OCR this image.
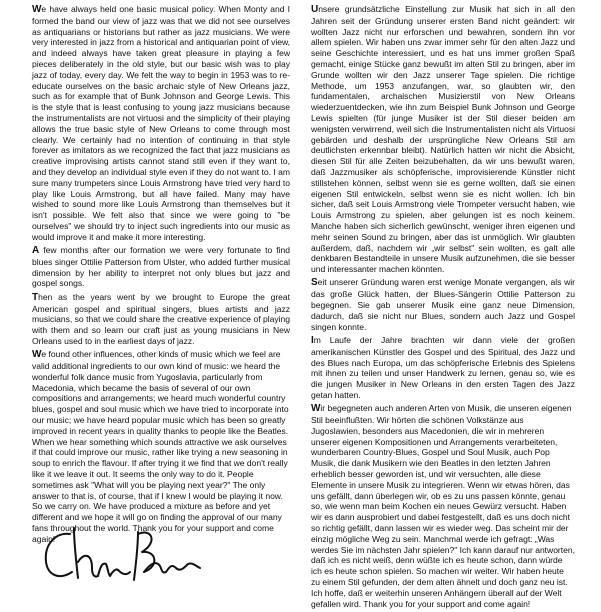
We have always held one basic musical policy. When Monty and I formed the band our view of jazz was that we did not see ourselves as antiquarians or historians but rather as jazz musicians. We were very interested in jazz from a historical and antiquarian point of view, and indeed always have taken great pleasure in playing a few pieces deliberately in the old style, but our basic wish was to play jazz of today, every day. We felt the way to begin in 1953 was to re-educate ourselves on the basic archaic style of New Orleans jazz, such as for example that of Bunk Johnson and George Lewis. This is the style that is least confusing to young jazz musicians because the instrumentalists are not virtuosi and the simplicity of their playing allows the true basic style of New Orleans to come through most clearly. We certainly had no intention of continuing in that style forever as imitators as we recognized the fact that jazz musicians as creative improvising artists cannot stand still even if they want to, and they develop an individual style even if they do not want to. I am sure many trumpeters since Louis Armstrong have tried very hard to play like Louis Armstrong, but all have failed. Many may have wished to sound more like Louis Armstrong than themselves but it isn't possible. We felt also that since we were going to "be ourselves" we should try to inject such ingredients into our music as would improve it and make it more interesting.

A few months after our formation we were very fortunate to find blues singer Ottilie Patterson from Ulster, who added further musical dimension by her ability to interpret not only blues but jazz and gospel songs.

Then as the years went by we brought to Europe the great American gospel and spiritual singers, blues artists and jazz musicians, so that we could share the creative experience of playing with them and so learn our craft just as young musicians in New Orleans used to in the earliest days of jazz.

We found other influences, other kinds of music which we feel are valid additional ingredients to our own kind of music: we heard the wonderful folk dance music from Yugoslavia, particularly from Macedonia, which became the basis of several of our own compositions and arrangements; we heard much wonderful country blues, gospel and soul music which we have tried to incorporate into our music; we have heard popular music which has been so greatly improved in recent years in quality thanks to people like the Beatles. When we hear something which sounds attractive we ask ourselves if that could improve our music, rather like trying a new seasoning in soup to enrich the flavour. If after trying it we find that we don't really like it we leave it out. It seems the only way to do it. People sometimes ask "What will you be playing next year?" The only answer to that is, of course, that if I knew I would be playing it now. So we carry on. We have produced a mixture as before and yet different and we hope it will go on finding the approval of our many fans throughout the world. Thank you for your support and come again!

Unsere grundsätzliche Einstellung zur Musik hat sich in all den Jahren seit der Gründung unserer ersten Band nicht geändert: wir wollten Jazz nicht nur erforschen und bewahren, sondern ihn vor allem spielen. Wir haben uns zwar immer sehr für den alten Jazz und seine Geschichte interessiert, und es hat uns immer großen Spaß gemacht, einige Stücke ganz bewußt im alten Stil zu bringen, aber im Grunde wollten wir den Jazz unserer Tage spielen. Die richtige Methode, um 1953 anzufangen, war, so glaubten wir, den fundamentalen, archaischen Musizierstil von New Orleans wiederzuentdecken, wie ihn zum Beispiel Bunk Johnson und George Lewis spielten (für junge Musiker ist der Stil dieser beiden am wenigsten verwirrend, weil sich die Instrumentalisten nicht als Virtuosi gebärden und deshalb der ursprüngliche New Orleans Stil am deutlichsten erkennbar bleibt). Natürlich hatten wir nicht die Absicht, diesen Stil für alle Zeiten beizubehalten, da wir uns bewußt waren, daß Jazzmusiker als schöpferische, improvisierende Künstler nicht stillstehen können, selbst wenn sie es gerne wollten, daß sie einen eigenen Stil entwickeln, selbst wenn sie es nicht wollen. Ich bin sicher, daß seit Louis Armstrong viele Trompeter versucht haben, wie Louis Armstrong zu spielen, aber gelungen ist es noch keinem. Manche haben sich sicherlich gewünscht, weniger ihren eigenen und mehr seinen Sound zu bringen, aber das ist unmöglich. Wir glaubten außerdem, daß, nachdem wir „wir selbst" sein wollten, es galt alle denkbaren Bestandteile in unsere Musik aufzunehmen, die sie besser und interessanter machen könnten.

Seit unserer Gründung waren erst wenige Monate vergangen, als wir das große Glück hatten, der Blues-Sängerin Ottilie Patterson zu begegnen. Sie gab unserer Musik eine ganz neue Dimension, dadurch, daß sie nicht nur Blues, sondern auch Jazz und Gospel singen konnte.

Im Laufe der Jahre brachten wir dann viele der großen amerikanischen Künstler des Gospel und des Spiritual, des Jazz und des Blues nach Europa, um das schöpferische Erlebnis des Spielens mit ihnen zu teilen und unser Handwerk zu lernen, genau so, wie es die jungen Musiker in New Orleans in den ersten Tagen des Jazz getan hatten.

Wir begegneten auch anderen Arten von Musik, die unseren eigenen Stil beeinflußten. Wir hörten die schönen Volkstänze aus Jugoslawien, besonders aus Macedonien, die wir in mehreren unserer eigenen Kompositionen und Arrangements verarbeiteten, wunderbaren Country-Blues, Gospel und Soul Musik, auch Pop Musik, die dank Musikern wie den Beatles in den letzten Jahren erheblich besser geworden ist, und wir versuchten, alle diese Elemente in unsere Musik zu integrieren. Wenn wir etwas hören, das uns gefällt, dann überlegen wir, ob es zu uns passen könnte, genau so, wie wenn man beim Kochen ein neues Gewürz versucht. Haben wir es dann ausprobiert und dabei festgestellt, daß es uns doch nicht so richtig gefällt, dann lassen wir es wieder weg. Das scheint mir der einzig mögliche Weg zu sein. Manchmal werde ich gefragt: „Was werdes Sie im nächsten Jahr spielen?" Ich kann darauf nur antworten, daß ich es nicht weiß, denn wüßte ich es heute schon, dann würde ich es heute schon spielen. So machen wir weiter. Wir haben heute zu einem Stil gefunden, der dem alten ähnelt und doch ganz neu ist. Ich hoffe, daß er weiterhin unseren Anhängern überall auf der Welt gefallen wird. Thank you for your support and come again!
